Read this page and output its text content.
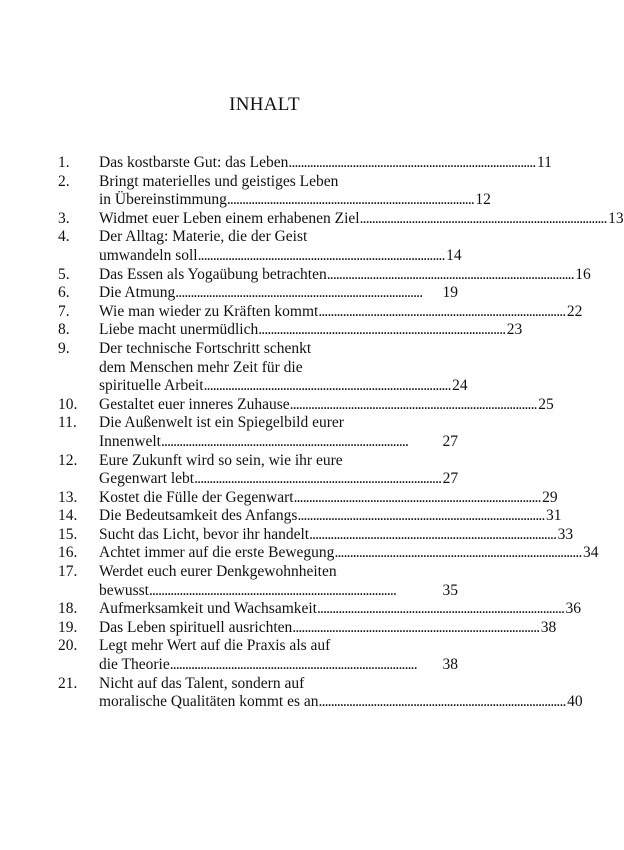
INHALT
1.	Das kostbarste Gut: das Leben . . .	11
2.	Bringt materielles und geistiges Leben
in Übereinstimmung . . .	12
3.	Widmet euer Leben einem erhabenen Ziel . . .	13
4.	Der Alltag: Materie, die der Geist
umwandeln soll . . .	14
5.	Das Essen als Yogaübung betrachten . . .	16
6.	Die Atmung . . .	19
7.	Wie man wieder zu Kräften kommt . . .	22
8.	Liebe macht unermüdlich . . .	23
9.	Der technische Fortschritt schenkt
dem Menschen mehr Zeit für die
spirituelle Arbeit . . .	24
10.	Gestaltet euer inneres Zuhause . . .	25
11.	Die Außenwelt ist ein Spiegelbild eurer
Innenwelt . . .	27
12.	Eure Zukunft wird so sein, wie ihr eure
Gegenwart lebt . . .	27
13.	Kostet die Fülle der Gegenwart . . .	29
14.	Die Bedeutsamkeit des Anfangs . . .	31
15.	Sucht das Licht, bevor ihr handelt . . .	33
16.	Achtet immer auf die erste Bewegung . . .	34
17.	Werdet euch eurer Denkgewohnheiten
bewusst . . .	35
18.	Aufmerksamkeit und Wachsamkeit . . .	36
19.	Das Leben spirituell ausrichten . . .	38
20.	Legt mehr Wert auf die Praxis als auf
die Theorie . . .	38
21.	Nicht auf das Talent, sondern auf
moralische Qualitäten kommt es an . . .	40
